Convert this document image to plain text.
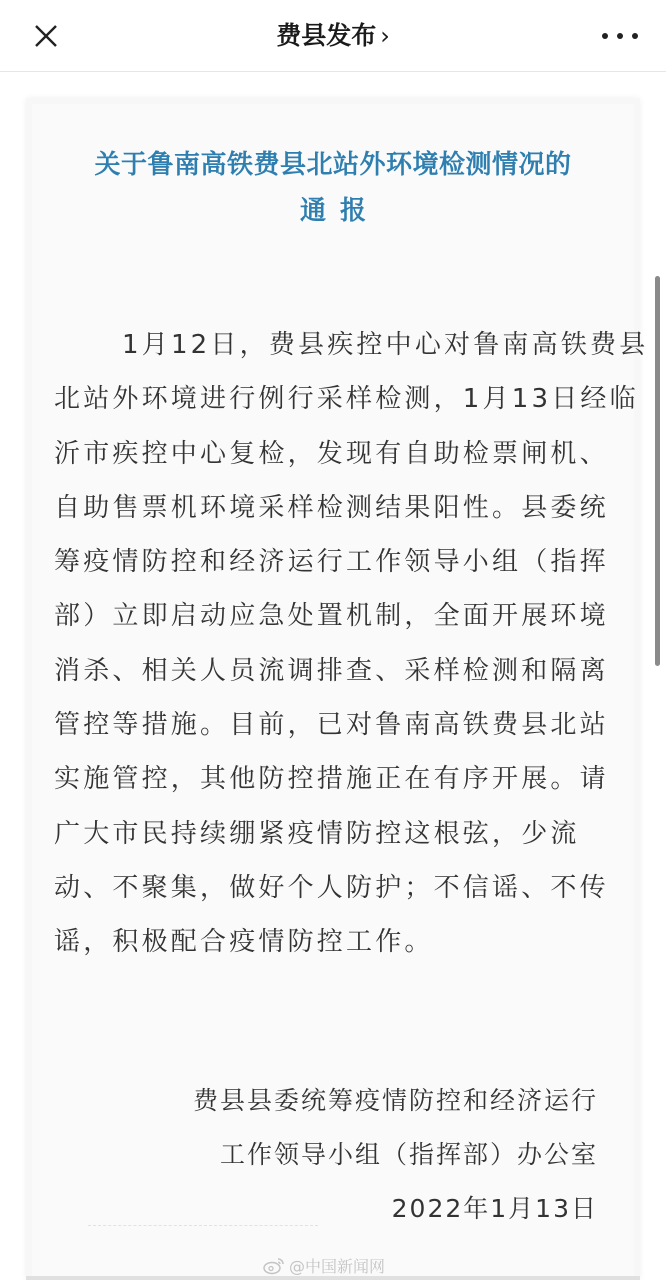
费县发布 ›
关于鲁南高铁费县北站外环境检测情况的
通报
1月12日，费县疾控中心对鲁南高铁费县
北站外环境进行例行采样检测，1月13日经临
沂市疾控中心复检，发现有自助检票闸机、
自助售票机环境采样检测结果阳性。县委统
筹疫情防控和经济运行工作领导小组（指挥
部）立即启动应急处置机制，全面开展环境
消杀、相关人员流调排查、采样检测和隔离
管控等措施。目前，已对鲁南高铁费县北站
实施管控，其他防控措施正在有序开展。请
广大市民持续绷紧疫情防控这根弦，少流
动、不聚集，做好个人防护；不信谣、不传
谣，积极配合疫情防控工作。
费县县委统筹疫情防控和经济运行
工作领导小组（指挥部）办公室
2022年1月13日
@中国新闻网
